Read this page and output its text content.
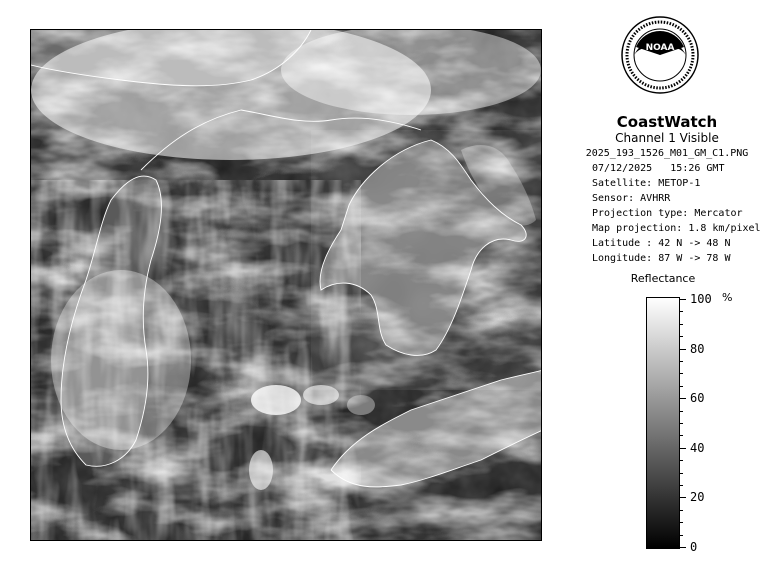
NOAA
CoastWatch
Channel 1 Visible
2025_193_1526_M01_GM_C1.PNG
07/12/2025 15:26 GMT
Satellite: METOP-1
Sensor: AVHRR
Projection type: Mercator
Map projection: 1.8 km/pixel
Latitude : 42 N -> 48 N
Longitude: 87 W -> 78 W
Reflectance
%
100
80
60
40
20
0
